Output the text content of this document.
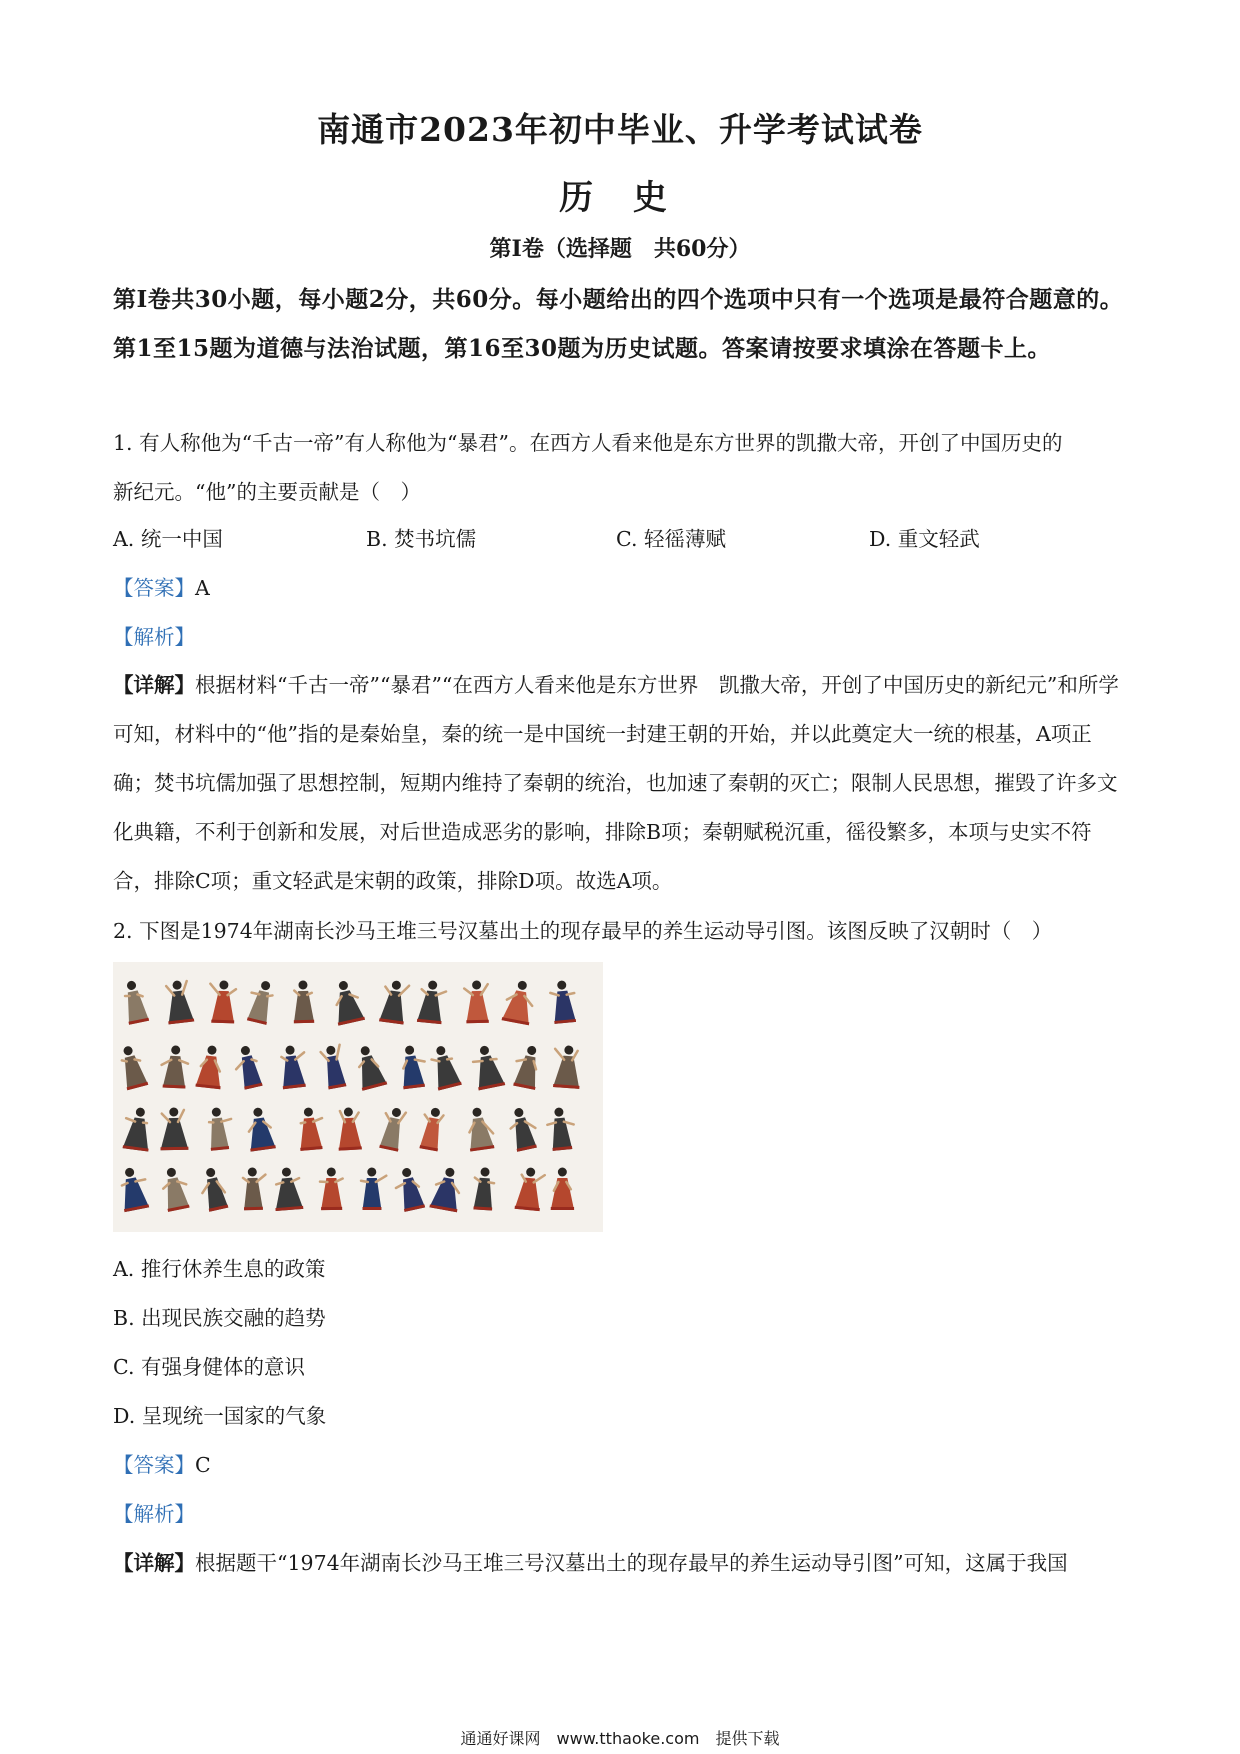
南通市2023年初中毕业、升学考试试卷
历 史
第Ⅰ卷（选择题　共60分）
第Ⅰ卷共30小题，每小题2分，共60分。每小题给出的四个选项中只有一个选项是最符合题意的。第1至15题为道德与法治试题，第16至30题为历史试题。答案请按要求填涂在答题卡上。
1. 有人称他为“千古一帝”有人称他为“暴君”。在西方人看来他是东方世界的凯撒大帝，开创了中国历史的
新纪元。“他”的主要贡献是（　）
A. 统一中国	B. 焚书坑儒	C. 轻徭薄赋	D. 重文轻武
【答案】A
【解析】
【详解】根据材料“千古一帝”“暴君”“在西方人看来他是东方世界　凯撒大帝，开创了中国历史的新纪元”和所学可知，材料中的“他”指的是秦始皇，秦的统一是中国统一封建王朝的开始，并以此奠定大一统的根基，A项正确；焚书坑儒加强了思想控制，短期内维持了秦朝的统治，也加速了秦朝的灭亡；限制人民思想，摧毁了许多文化典籍，不利于创新和发展，对后世造成恶劣的影响，排除B项；秦朝赋税沉重，徭役繁多，本项与史实不符合，排除C项；重文轻武是宋朝的政策，排除D项。故选A项。
2. 下图是1974年湖南长沙马王堆三号汉墓出土的现存最早的养生运动导引图。该图反映了汉朝时（　）
A. 推行休养生息的政策
B. 出现民族交融的趋势
C. 有强身健体的意识
D. 呈现统一国家的气象
【答案】C
【解析】
【详解】根据题干“1974年湖南长沙马王堆三号汉墓出土的现存最早的养生运动导引图”可知，这属于我国
通通好课网　www.tthaoke.com　提供下载
